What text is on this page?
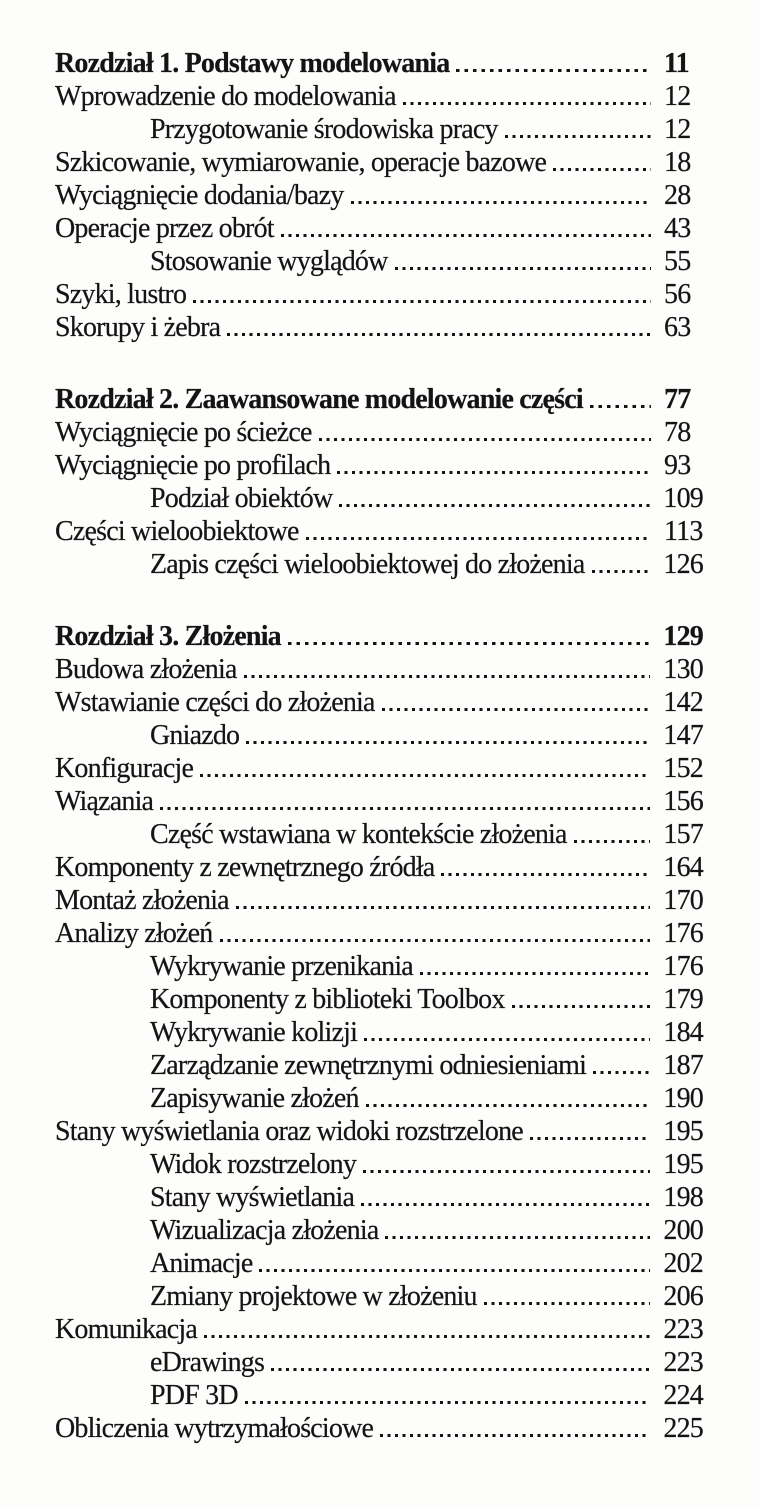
Rozdział 1. Podstawy modelowania	11
Wprowadzenie do modelowania	12
Przygotowanie środowiska pracy	12
Szkicowanie, wymiarowanie, operacje bazowe	18
Wyciągnięcie dodania/bazy	28
Operacje przez obrót	43
Stosowanie wyglądów	55
Szyki, lustro	56
Skorupy i żebra	63
Rozdział 2. Zaawansowane modelowanie części	77
Wyciągnięcie po ścieżce	78
Wyciągnięcie po profilach	93
Podział obiektów	109
Części wieloobiektowe	113
Zapis części wieloobiektowej do złożenia	126
Rozdział 3. Złożenia	129
Budowa złożenia	130
Wstawianie części do złożenia	142
Gniazdo	147
Konfiguracje	152
Wiązania	156
Część wstawiana w kontekście złożenia	157
Komponenty z zewnętrznego źródła	164
Montaż złożenia	170
Analizy złożeń	176
Wykrywanie przenikania	176
Komponenty z biblioteki Toolbox	179
Wykrywanie kolizji	184
Zarządzanie zewnętrznymi odniesieniami	187
Zapisywanie złożeń	190
Stany wyświetlania oraz widoki rozstrzelone	195
Widok rozstrzelony	195
Stany wyświetlania	198
Wizualizacja złożenia	200
Animacje	202
Zmiany projektowe w złożeniu	206
Komunikacja	223
eDrawings	223
PDF 3D	224
Obliczenia wytrzymałościowe	225
